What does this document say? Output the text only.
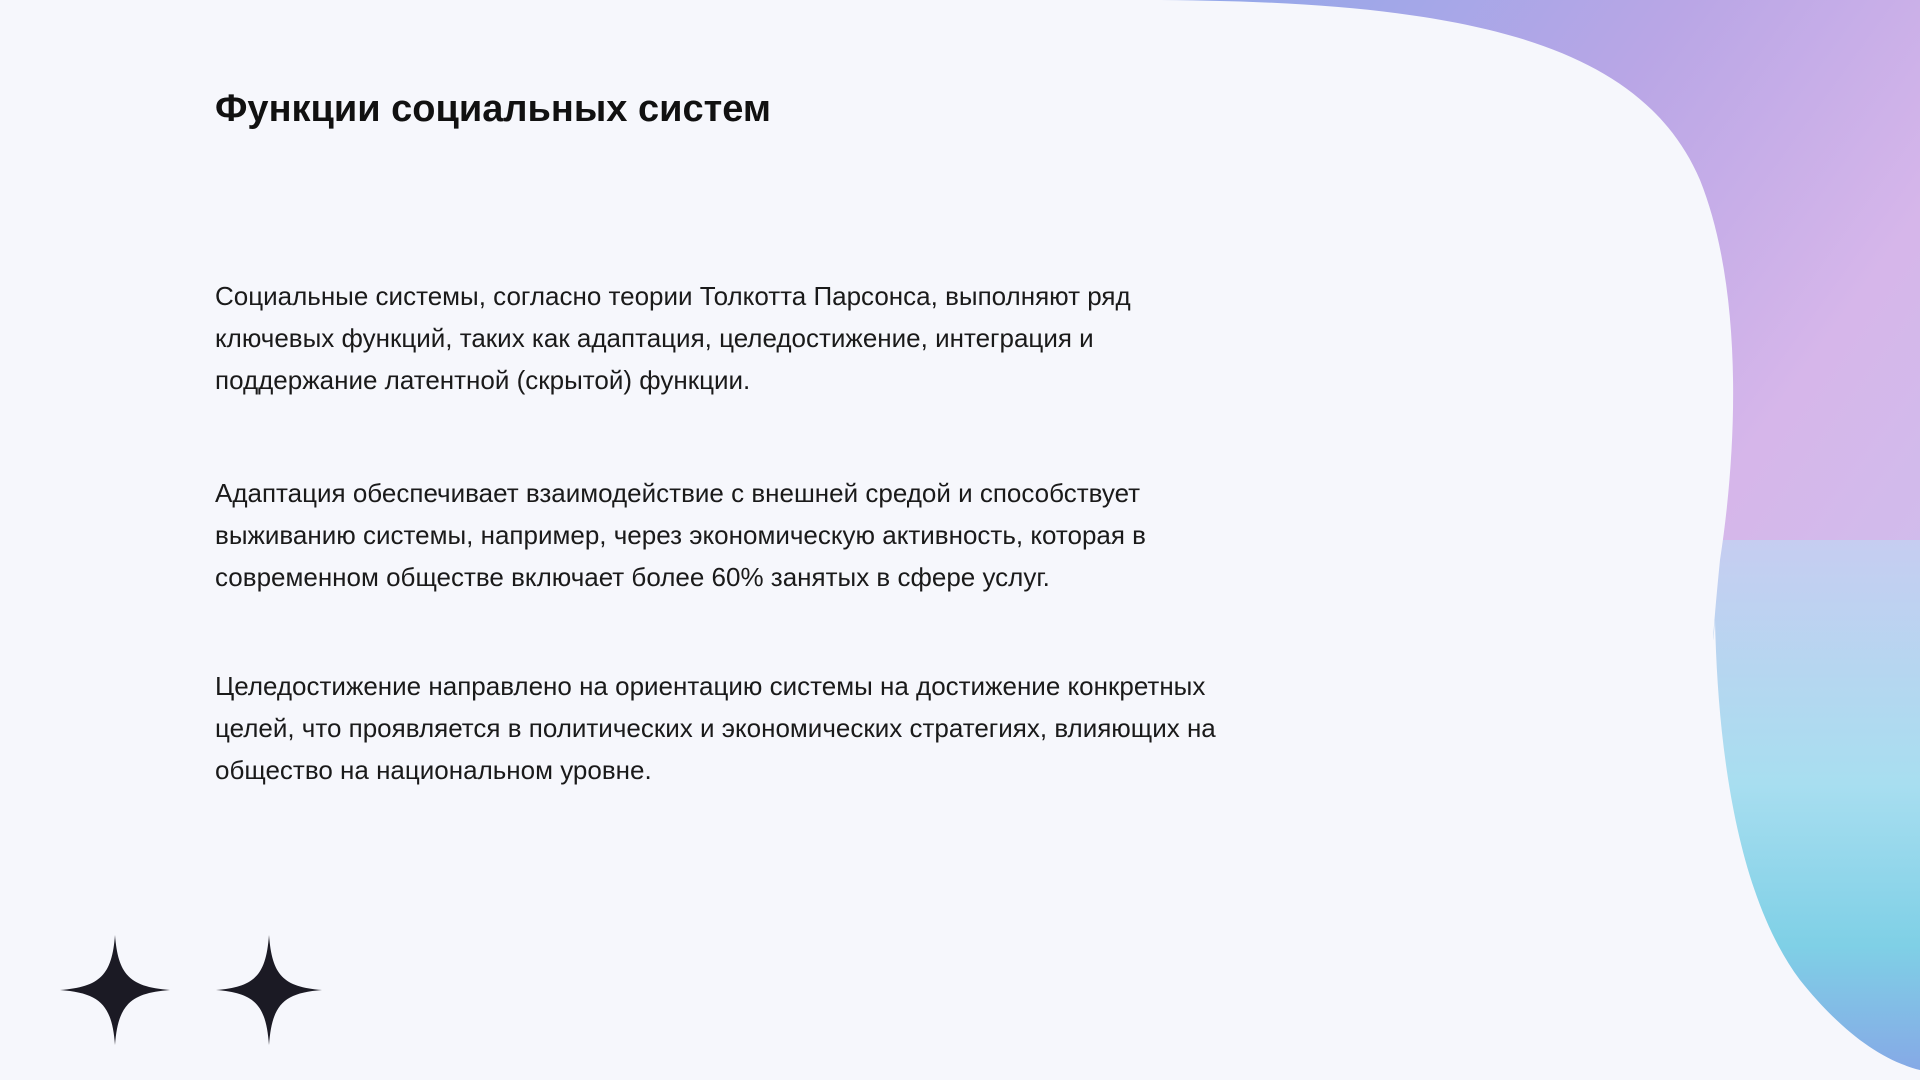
Функции социальных систем

Социальные системы, согласно теории Толкотта Парсонса, выполняют ряд ключевых функций, таких как адаптация, целедостижение, интеграция и поддержание латентной (скрытой) функции.

Адаптация обеспечивает взаимодействие с внешней средой и способствует выживанию системы, например, через экономическую активность, которая в современном обществе включает более 60% занятых в сфере услуг.

Целедостижение направлено на ориентацию системы на достижение конкретных целей, что проявляется в политических и экономических стратегиях, влияющих на общество на национальном уровне.
